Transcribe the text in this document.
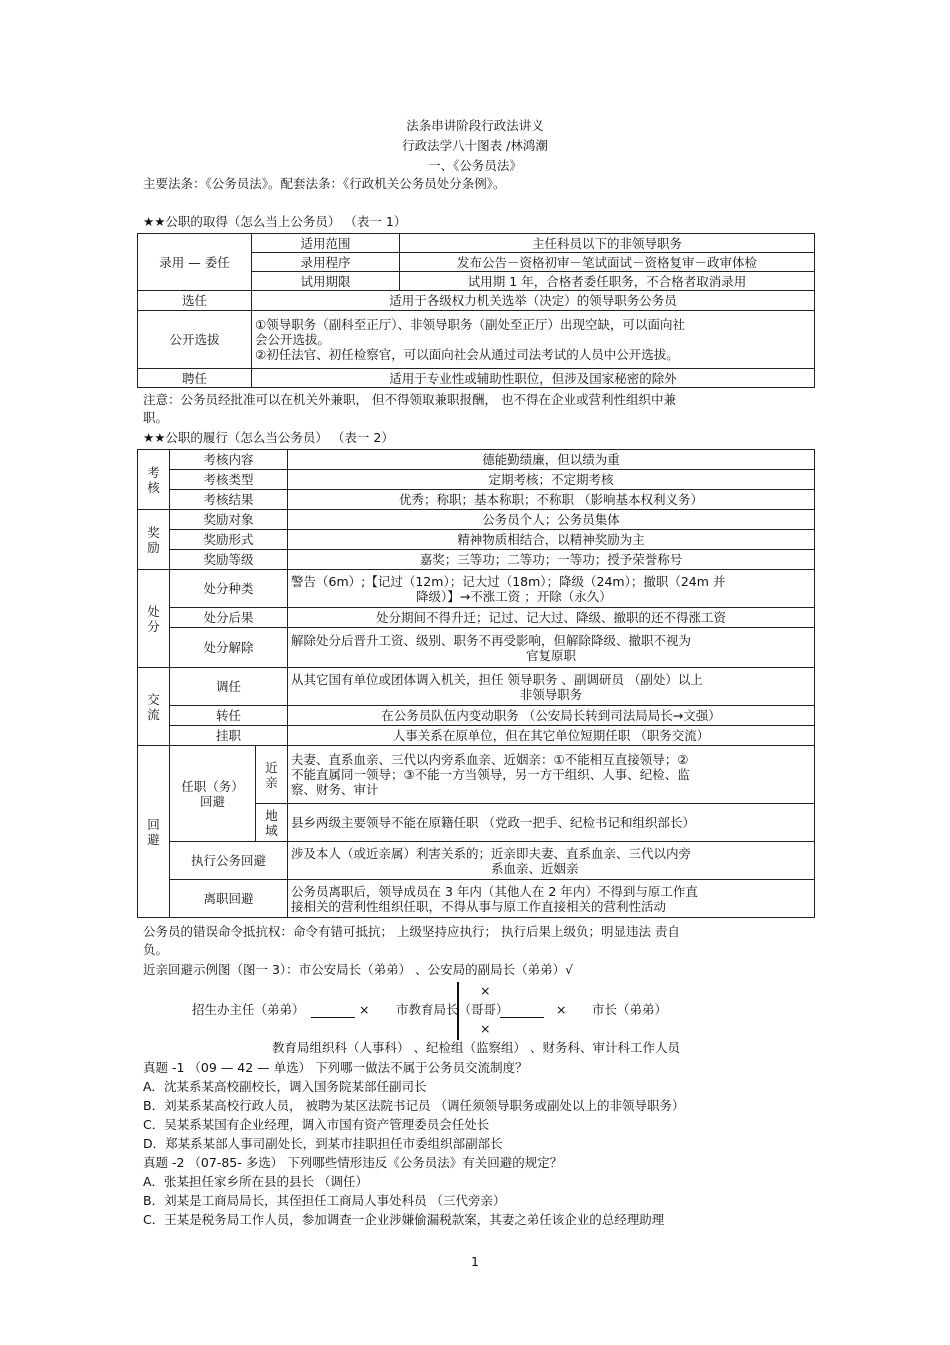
法条串讲阶段行政法讲义
行政法学八十图表 /林鸿潮
一、《公务员法》
主要法条：《公务员法》。配套法条：《行政机关公务员处分条例》。
★★公职的取得（怎么当上公务员） （表一 1）
录用 — 委任	适用范围	主任科员以下的非领导职务
	录用程序	发布公告－资格初审－笔试面试－资格复审－政审体检
	试用期限	试用期 1 年，合格者委任职务，不合格者取消录用
选任	适用于各级权力机关选举（决定）的领导职务公务员	
公开选拔	①领导职务（副科至正厅）、非领导职务（副处至正厅）出现空缺，可以面向社
会公开选拔。
②初任法官、初任检察官，可以面向社会从通过司法考试的人员中公开选拔。	

聘任	适用于专业性或辅助性职位，但涉及国家秘密的除外	
注意：公务员经批准可以在机关外兼职， 但不得领取兼职报酬， 也不得在企业或营利性组织中兼
职。
★★公职的履行（怎么当公务员） （表一 2）
考核	考核内容		德能勤绩廉，但以绩为重
	考核类型		定期考核；不定期考核
	考核结果		优秀；称职；基本称职；不称职 （影响基本权利义务）

奖励	奖励对象		公务员个人；公务员集体
	奖励形式		精神物质相结合，以精神奖励为主
	奖励等级		嘉奖；三等功；二等功；一等功；授予荣誉称号

处分	处分种类		警告（6m）;【记过（12m）；记大过（18m）；降级（24m）；撤职（24m 并
降级）】→不涨工资 ；开除（永久）

	处分后果		处分期间不得升迁；记过、记大过、降级、撤职的还不得涨工资
	处分解除		解除处分后晋升工资、级别、职务不再受影响，但解除降级、撤职不视为
官复原职

交流	调任		从其它国有单位或团体调入机关，担任 领导职务 、副调研员 （副处）以上
非领导职务

	转任		在公务员队伍内变动职务 （公安局长转到司法局局长→文强）
	挂职		人事关系在原单位，但在其它单位短期任职 （职务交流）

回避	任职（务）回避	近亲	夫妻、直系血亲、三代以内旁系血亲、近姻亲：①不能相互直接领导；②
不能直属同一领导；③不能一方当领导，另一方干组织、人事、纪检、监
察、财务、审计

		地域	县乡两级主要领导不能在原籍任职 （党政一把手、纪检书记和组织部长）
	执行公务回避		涉及本人（或近亲属）利害关系的；近亲即夫妻、直系血亲、三代以内旁
系血亲、近姻亲

	离职回避		公务员离职后，领导成员在 3 年内（其他人在 2 年内）不得到与原工作直
接相关的营利性组织任职，不得从事与原工作直接相关的营利性活动
公务员的错误命令抵抗权：命令有错可抵抗； 上级坚持应执行； 执行后果上级负；明显违法 责自
负。
近亲回避示例图（图一 3）：市公安局长（弟弟） 、公安局的副局长（弟弟）√
×
招生办主任（弟弟）	× 市教育局长（哥哥）	× 市长（弟弟）
×
教育局组织科（人事科） 、纪检组（监察组） 、财务科、审计科工作人员
真题 -1 （09 — 42 — 单选） 下列哪一做法不属于公务员交流制度？
A．沈某系某高校副校长，调入国务院某部任副司长
B．刘某系某高校行政人员， 被聘为某区法院书记员 （调任须领导职务或副处以上的非领导职务）
C．吴某系某国有企业经理，调入市国有资产管理委员会任处长
D．郑某系某部人事司副处长，到某市挂职担任市委组织部副部长
真题 -2 （07-85- 多选） 下列哪些情形违反《公务员法》有关回避的规定？
A．张某担任家乡所在县的县长 （调任）
B．刘某是工商局局长，其侄担任工商局人事处科员 （三代旁亲）
C．王某是税务局工作人员，参加调查一企业涉嫌偷漏税款案，其妻之弟任该企业的总经理助理
1
